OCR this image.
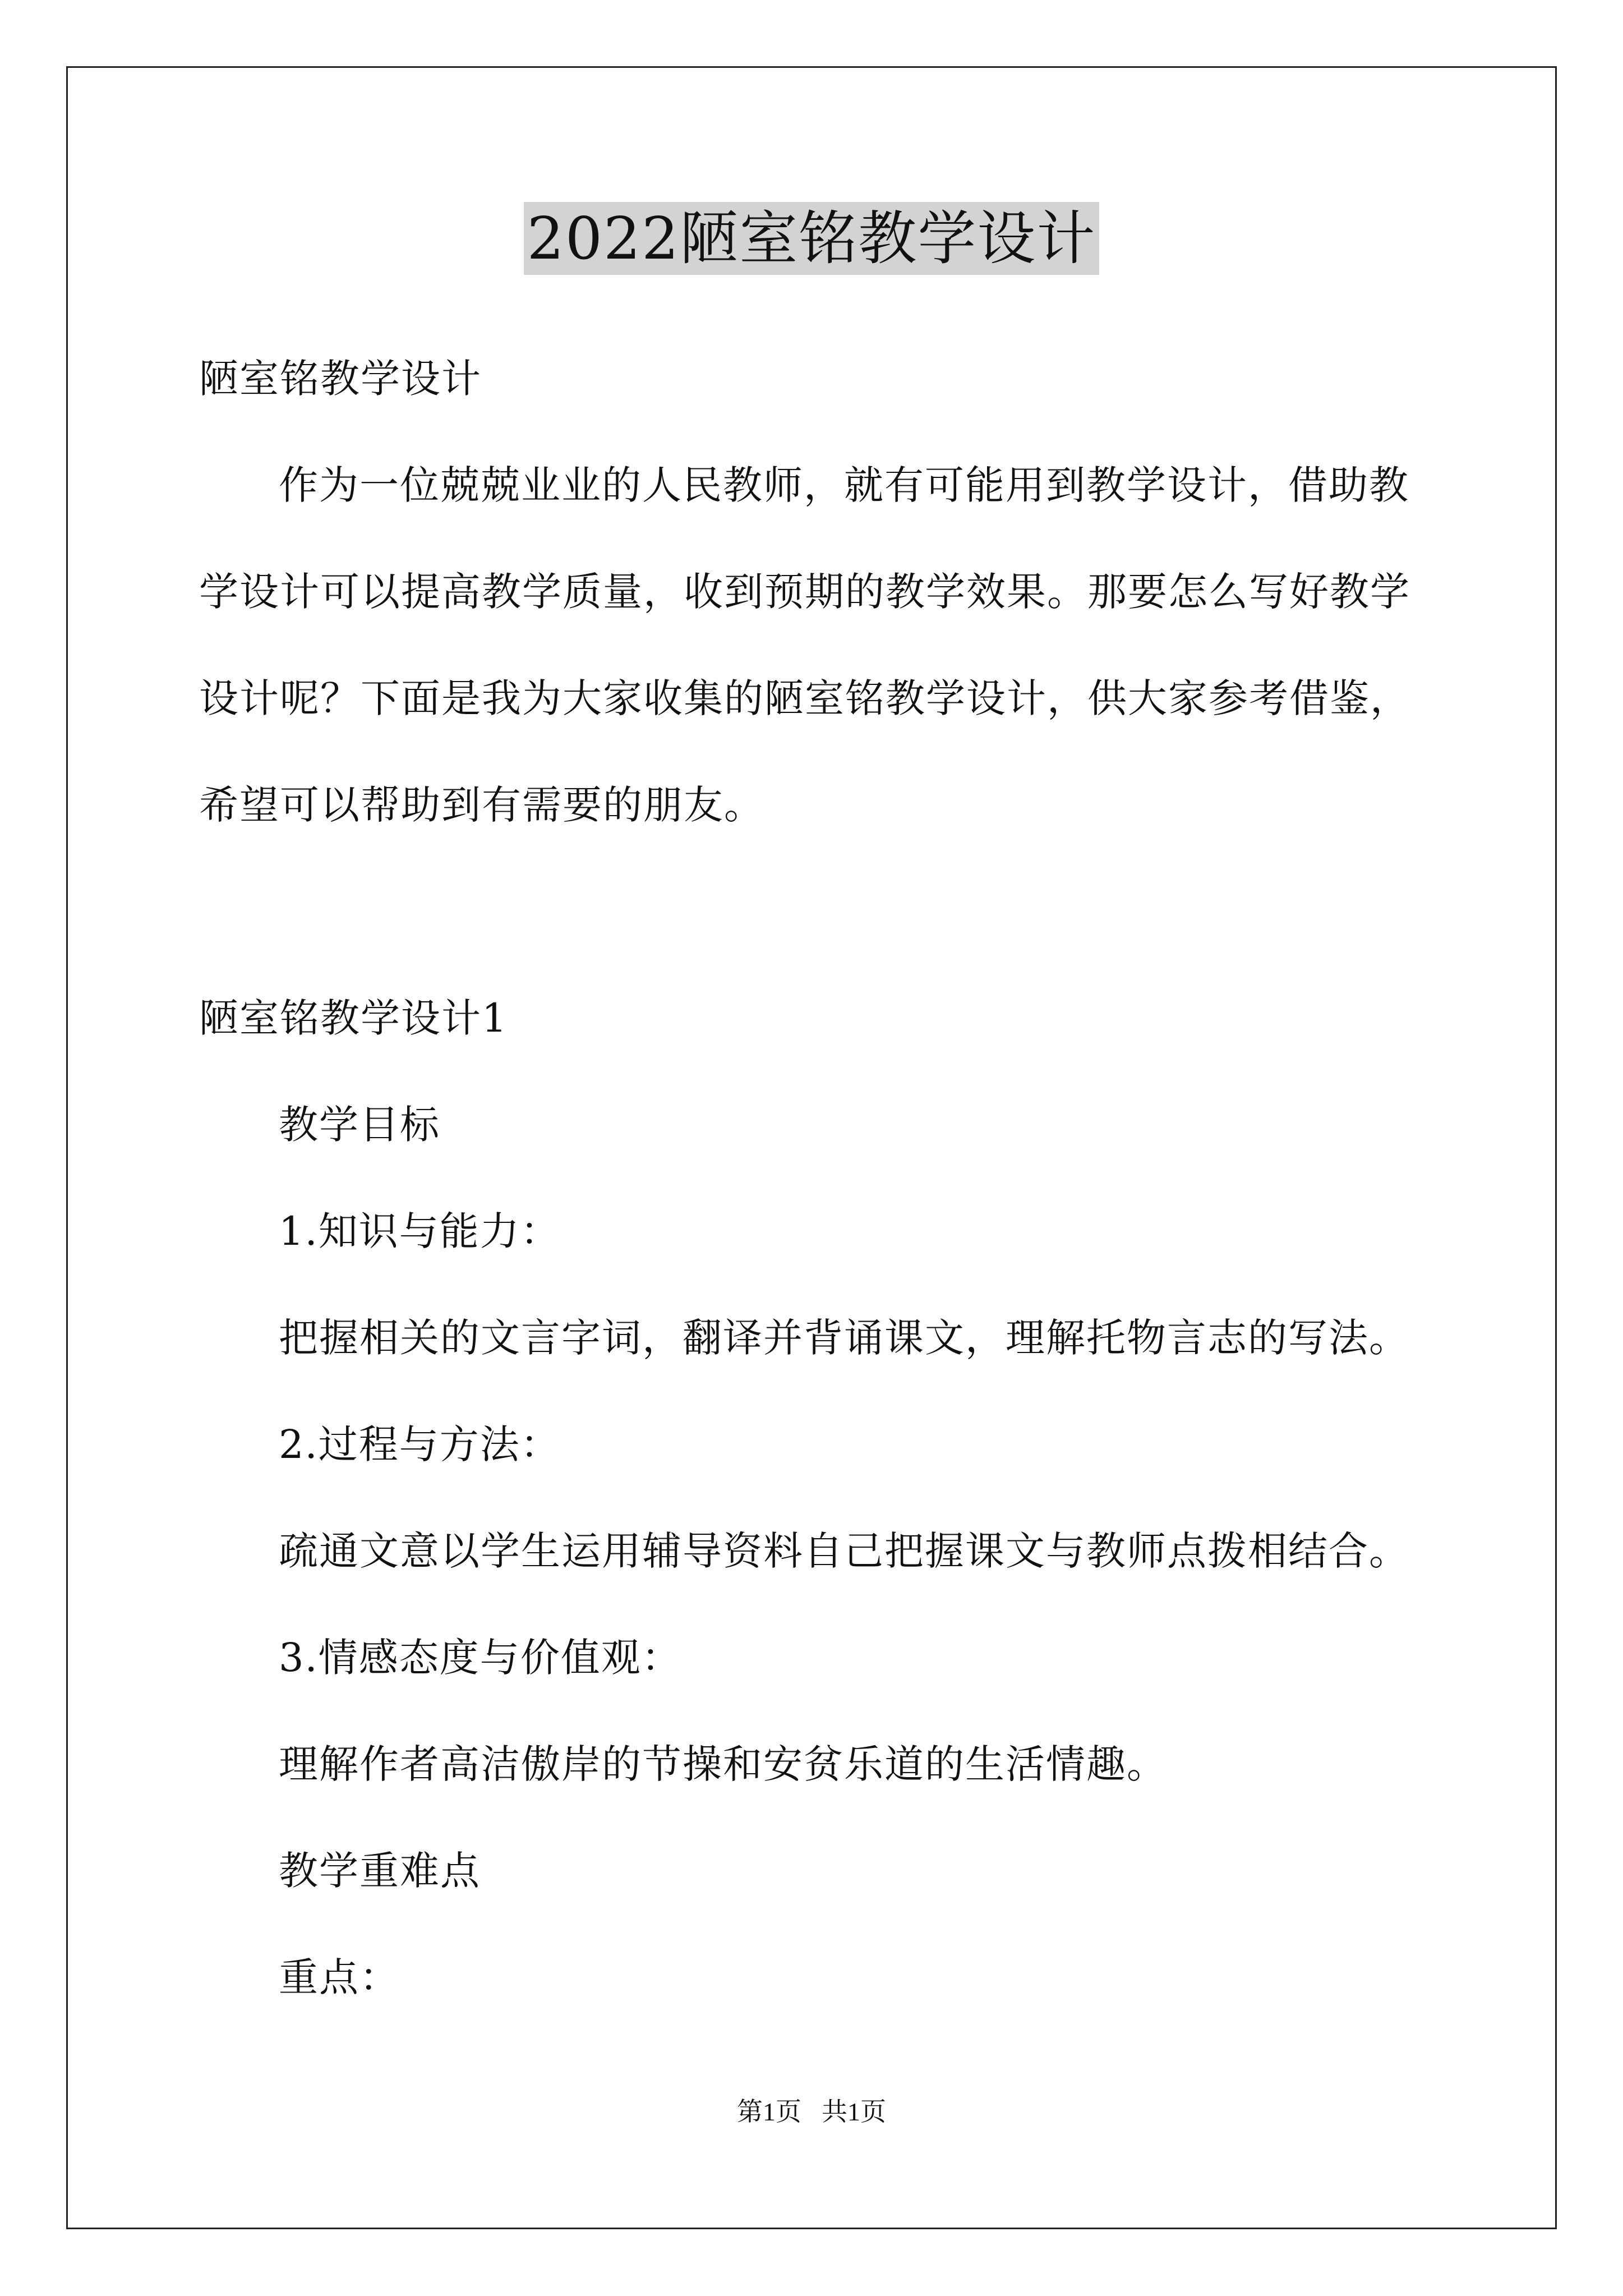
2022陋室铭教学设计
陋室铭教学设计
作为一位兢兢业业的人民教师，就有可能用到教学设计，借助教
学设计可以提高教学质量，收到预期的教学效果。那要怎么写好教学
设计呢？下面是我为大家收集的陋室铭教学设计，供大家参考借鉴，
希望可以帮助到有需要的朋友。
陋室铭教学设计1
教学目标
1.知识与能力：
把握相关的文言字词，翻译并背诵课文，理解托物言志的写法。
2.过程与方法：
疏通文意以学生运用辅导资料自己把握课文与教师点拨相结合。
3.情感态度与价值观：
理解作者高洁傲岸的节操和安贫乐道的生活情趣。
教学重难点
重点：
第1页 共1页
